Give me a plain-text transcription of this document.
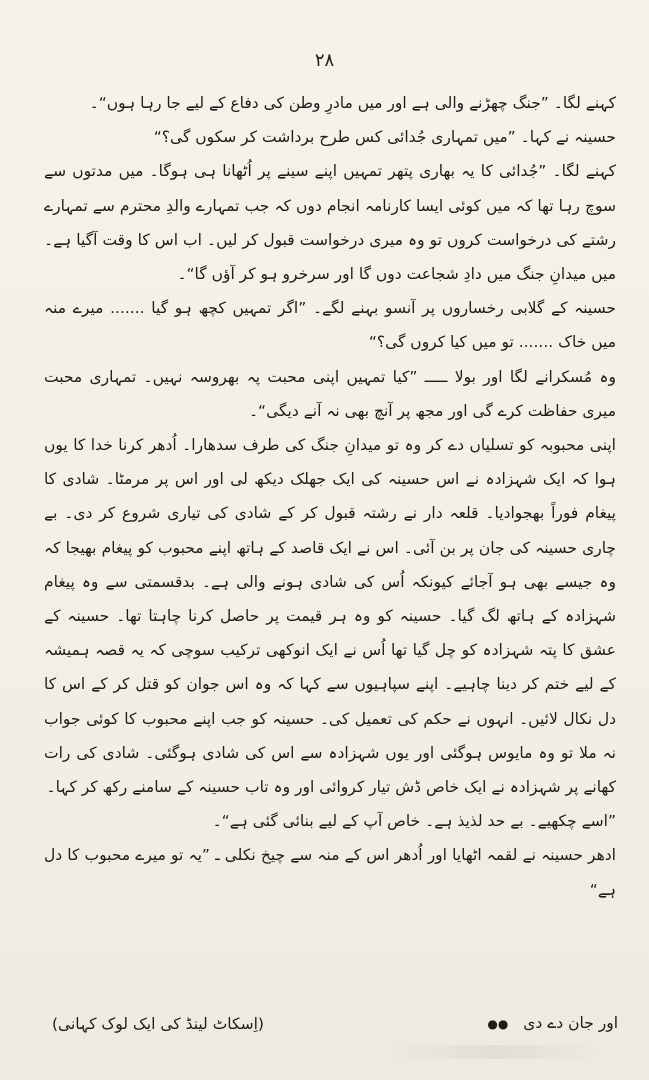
۲۸

کہنے لگا۔ ”جنگ چھڑنے والی ہے اور میں مادرِ وطن کی دفاع کے لیے جا رہا ہوں“۔

حسینہ نے کہا۔ ”میں تمہاری جُدائی کس طرح برداشت کر سکوں گی؟“

کہنے لگا۔ ”جُدائی کا یہ بھاری پتھر تمہیں اپنے سینے پر اُٹھانا ہی ہوگا۔ میں مدتوں سے سوچ رہا تھا کہ میں کوئی ایسا کارنامہ انجام دوں کہ جب تمہارے والدِ محترم سے تمہارے رشتے کی درخواست کروں تو وہ میری درخواست قبول کر لیں۔ اب اس کا وقت آگیا ہے۔ میں میدانِ جنگ میں دادِ شجاعت دوں گا اور سرخرو ہو کر آؤں گا“۔

حسینہ کے گلابی رخساروں پر آنسو بہنے لگے۔ ”اگر تمہیں کچھ ہو گیا ....... میرے منہ میں خاک ....... تو میں کیا کروں گی؟“

وہ مُسکرانے لگا اور بولا ـــــ ”کیا تمہیں اپنی محبت پہ بھروسہ نہیں۔ تمہاری محبت میری حفاظت کرے گی اور مجھ پر آنچ بھی نہ آنے دیگی“۔

اپنی محبوبہ کو تسلیاں دے کر وہ تو میدانِ جنگ کی طرف سدھارا۔ اُدھر کرنا خدا کا یوں ہوا کہ ایک شہزادہ نے اس حسینہ کی ایک جھلک دیکھ لی اور اس پر مرمٹا۔ شادی کا پیغام فوراً بھجوادیا۔ قلعہ دار نے رشتہ قبول کر کے شادی کی تیاری شروع کر دی۔ بے چاری حسینہ کی جان پر بن آئی۔ اس نے ایک قاصد کے ہاتھ اپنے محبوب کو پیغام بھیجا کہ وہ جیسے بھی ہو آجائے کیونکہ اُس کی شادی ہونے والی ہے۔ بدقسمتی سے وہ پیغام شہزادہ کے ہاتھ لگ گیا۔ حسینہ کو وہ ہر قیمت پر حاصل کرنا چاہتا تھا۔ حسینہ کے عشق کا پتہ شہزادہ کو چل گیا تھا اُس نے ایک انوکھی ترکیب سوچی کہ یہ قصہ ہمیشہ کے لیے ختم کر دینا چاہیے۔ اپنے سپاہیوں سے کہا کہ وہ اس جوان کو قتل کر کے اس کا دل نکال لائیں۔ انہوں نے حکم کی تعمیل کی۔ حسینہ کو جب اپنے محبوب کا کوئی جواب نہ ملا تو وہ مایوس ہوگئی اور یوں شہزادہ سے اس کی شادی ہوگئی۔ شادی کی رات کھانے پر شہزادہ نے ایک خاص ڈش تیار کروائی اور وہ تاب حسینہ کے سامنے رکھ کر کہا۔

”اسے چکھیے۔ بے حد لذیذ ہے۔ خاص آپ کے لیے بنائی گئی ہے“۔

ادھر حسینہ نے لقمہ اٹھایا اور اُدھر اس کے منہ سے چیخ نکلی ـ ”یہ تو میرے محبوب کا دل ہے“

اور جان دے دی ●●
(اِسکاٹ لینڈ کی ایک لوک کہانی)
